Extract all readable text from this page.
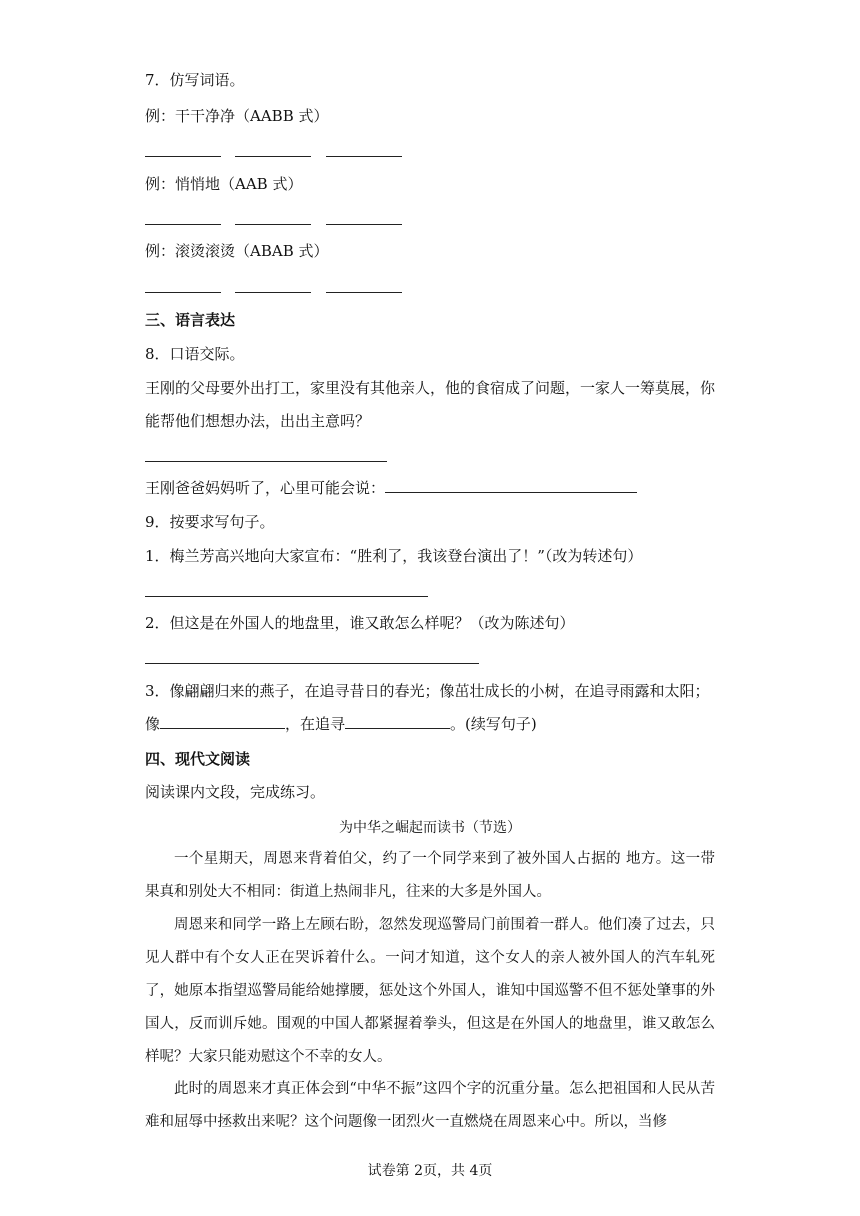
7．仿写词语。
例：干干净净（AABB 式）
例：悄悄地（AAB 式）
例：滚烫滚烫（ABAB 式）
三、语言表达
8．口语交际。
王刚的父母要外出打工，家里没有其他亲人，他的食宿成了问题，一家人一筹莫展，你
能帮他们想想办法，出出主意吗？
王刚爸爸妈妈听了，心里可能会说：
9．按要求写句子。
1．梅兰芳高兴地向大家宣布：“胜利了，我该登台演出了！”（改为转述句）
2．但这是在外国人的地盘里，谁又敢怎么样呢？（改为陈述句）
3．像翩翩归来的燕子，在追寻昔日的春光；像茁壮成长的小树，在追寻雨露和太阳；
像	，在追寻	。(续写句子)
四、现代文阅读
阅读课内文段，完成练习。
为中华之崛起而读书（节选）
一个星期天，周恩来背着伯父，约了一个同学来到了被外国人占据的 地方。这一带果真和别处大不相同：街道上热闹非凡，往来的大多是外国人。
周恩来和同学一路上左顾右盼，忽然发现巡警局门前围着一群人。他们凑了过去，只见人群中有个女人正在哭诉着什么。一问才知道，这个女人的亲人被外国人的汽车轧死了，她原本指望巡警局能给她撑腰，惩处这个外国人，谁知中国巡警不但不惩处肇事的外国人，反而训斥她。围观的中国人都紧握着拳头，但这是在外国人的地盘里，谁又敢怎么样呢？大家只能劝慰这个不幸的女人。
此时的周恩来才真正体会到“中华不振”这四个字的沉重分量。怎么把祖国和人民从苦难和屈辱中拯救出来呢？这个问题像一团烈火一直燃烧在周恩来心中。所以，当修
试卷第 2页，共 4页
